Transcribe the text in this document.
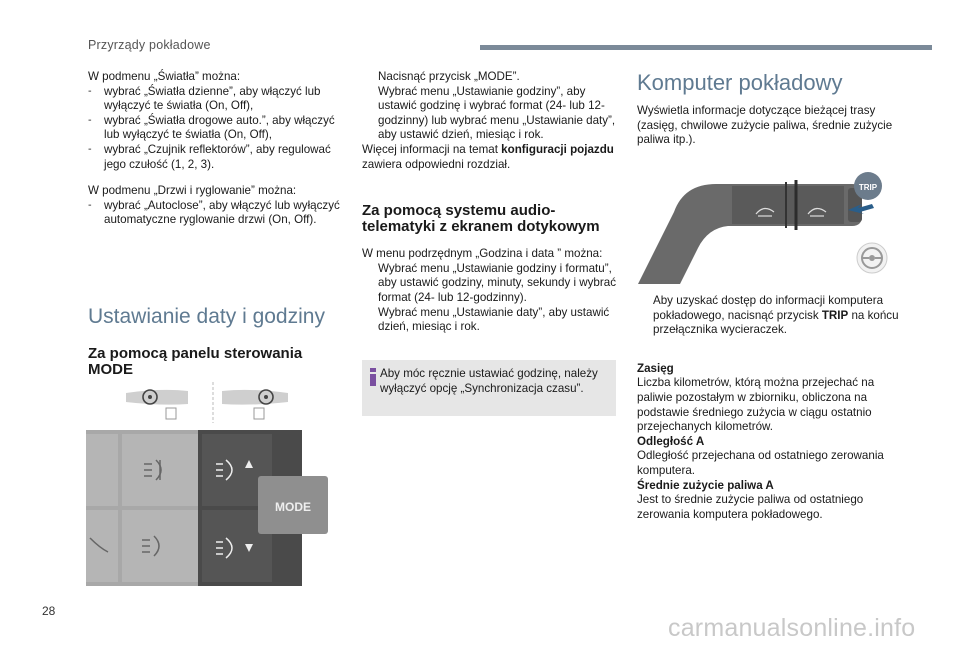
Przyrządy pokładowe

W podmenu „Światła” można:

-	wybrać „Światła dzienne”, aby włączyć lub wyłączyć te światła (On, Off),
-	wybrać „Światła drogowe auto.”, aby włączyć lub wyłączyć te światła (On, Off),
-	wybrać „Czujnik reflektorów”, aby regulować jego czułość (1, 2, 3).

W podmenu „Drzwi i ryglowanie” można:

-	wybrać „Autoclose”, aby włączyć lub wyłączyć automatyczne ryglowanie drzwi (On, Off).
Ustawianie daty i godziny
Za pomocą panelu sterowania MODE
MODE
Nacisnąć przycisk „MODE”.
Wybrać menu „Ustawianie godziny”, aby ustawić godzinę i wybrać format (24- lub 12-godzinny) lub wybrać menu „Ustawianie daty”, aby ustawić dzień, miesiąc i rok.

Więcej informacji na temat konfiguracji pojazdu zawiera odpowiedni rozdział.

Za pomocą systemu audio-telematyki z ekranem dotykowym

W menu podrzędnym „Godzina i data ” można:

Wybrać menu „Ustawianie godziny i formatu”, aby ustawić godziny, minuty, sekundy i wybrać format (24- lub 12-godzinny).
Wybrać menu „Ustawianie daty”, aby ustawić dzień, miesiąc i rok.
Aby móc ręcznie ustawiać godzinę, należy wyłączyć opcję „Synchronizacja czasu”.
Komputer pokładowy

Wyświetla informacje dotyczące bieżącej trasy (zasięg, chwilowe zużycie paliwa, średnie zużycie paliwa itp.).

TRIP
Aby uzyskać dostęp do informacji komputera pokładowego, nacisnąć przycisk TRIP na końcu przełącznika wycieraczek.

Zasięg

Liczba kilometrów, którą można przejechać na paliwie pozostałym w zbiorniku, obliczona na podstawie średniego zużycia w ciągu ostatnio przejechanych kilometrów.

Odległość A

Odległość przejechana od ostatniego zerowania komputera.

Średnie zużycie paliwa A

Jest to średnie zużycie paliwa od ostatniego zerowania komputera pokładowego.

28
carmanualsonline.info
